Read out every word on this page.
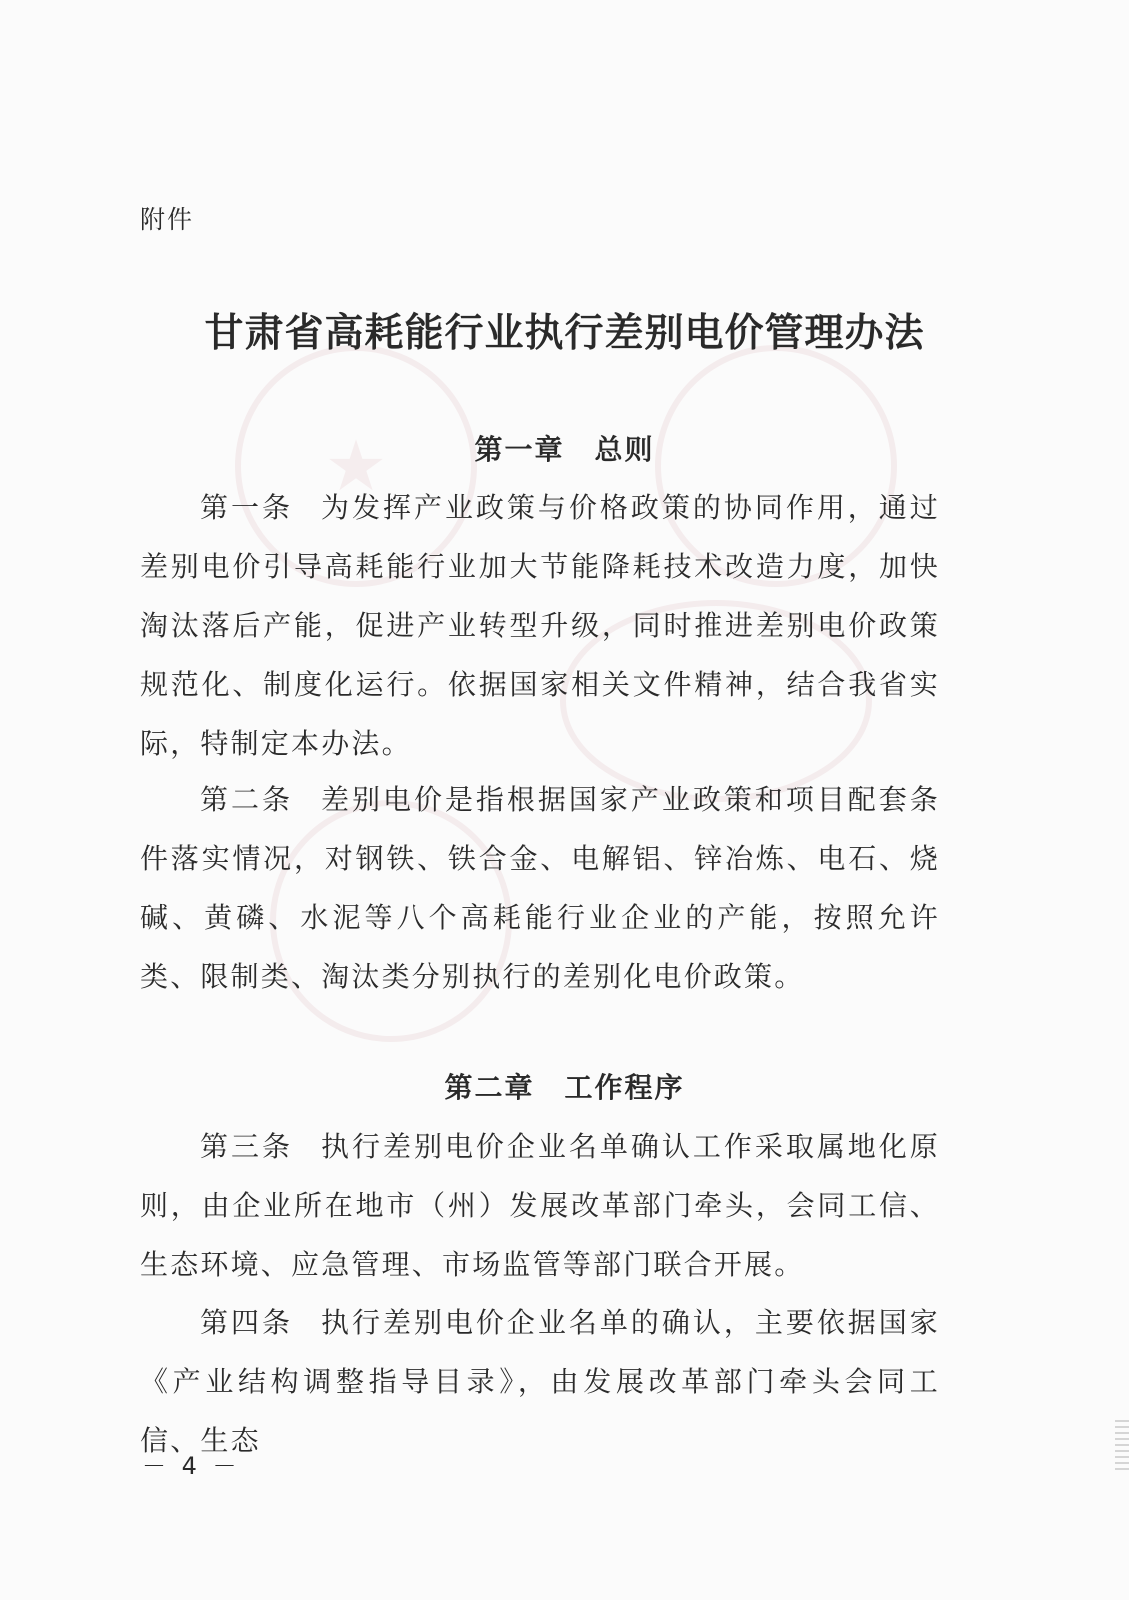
★
附件
甘肃省高耗能行业执行差别电价管理办法
第一章　总则

第一条 为发挥产业政策与价格政策的协同作用，通过差别电价引导高耗能行业加大节能降耗技术改造力度，加快淘汰落后产能，促进产业转型升级，同时推进差别电价政策规范化、制度化运行。依据国家相关文件精神，结合我省实际，特制定本办法。

第二条 差别电价是指根据国家产业政策和项目配套条件落实情况，对钢铁、铁合金、电解铝、锌冶炼、电石、烧碱、黄磷、水泥等八个高耗能行业企业的产能，按照允许类、限制类、淘汰类分别执行的差别化电价政策。

第二章　工作程序

第三条 执行差别电价企业名单确认工作采取属地化原则，由企业所在地市（州）发展改革部门牵头，会同工信、生态环境、应急管理、市场监管等部门联合开展。

第四条 执行差别电价企业名单的确认，主要依据国家《产业结构调整指导目录》，由发展改革部门牵头会同工信、生态

－ 4 －
